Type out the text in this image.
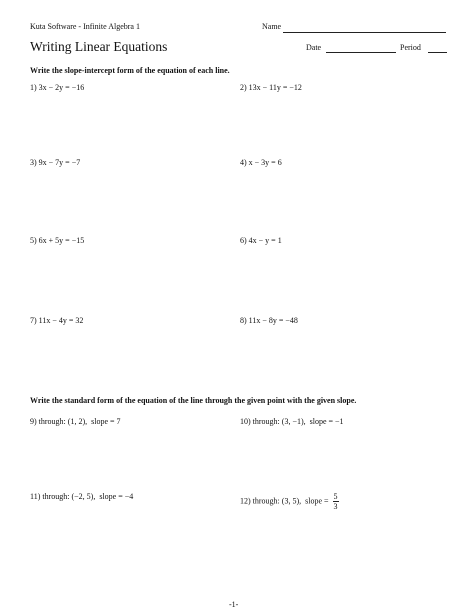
Kuta Software - Infinite Algebra 1	Name
Writing Linear Equations	Date	Period
Write the slope-intercept form of the equation of each line.
1) 3x − 2y = −16	2) 13x − 11y = −12
3) 9x − 7y = −7	4) x − 3y = 6
5) 6x + 5y = −15	6) 4x − y = 1
7) 11x − 4y = 32	8) 11x − 8y = −48
Write the standard form of the equation of the line through the given point with the given slope.
9) through: (1, 2),  slope = 7	10) through: (3, −1),  slope = −1
11) through: (−2, 5),  slope = −4	12) through: (3, 5),  slope = $\frac{5}{3}$
-1-
